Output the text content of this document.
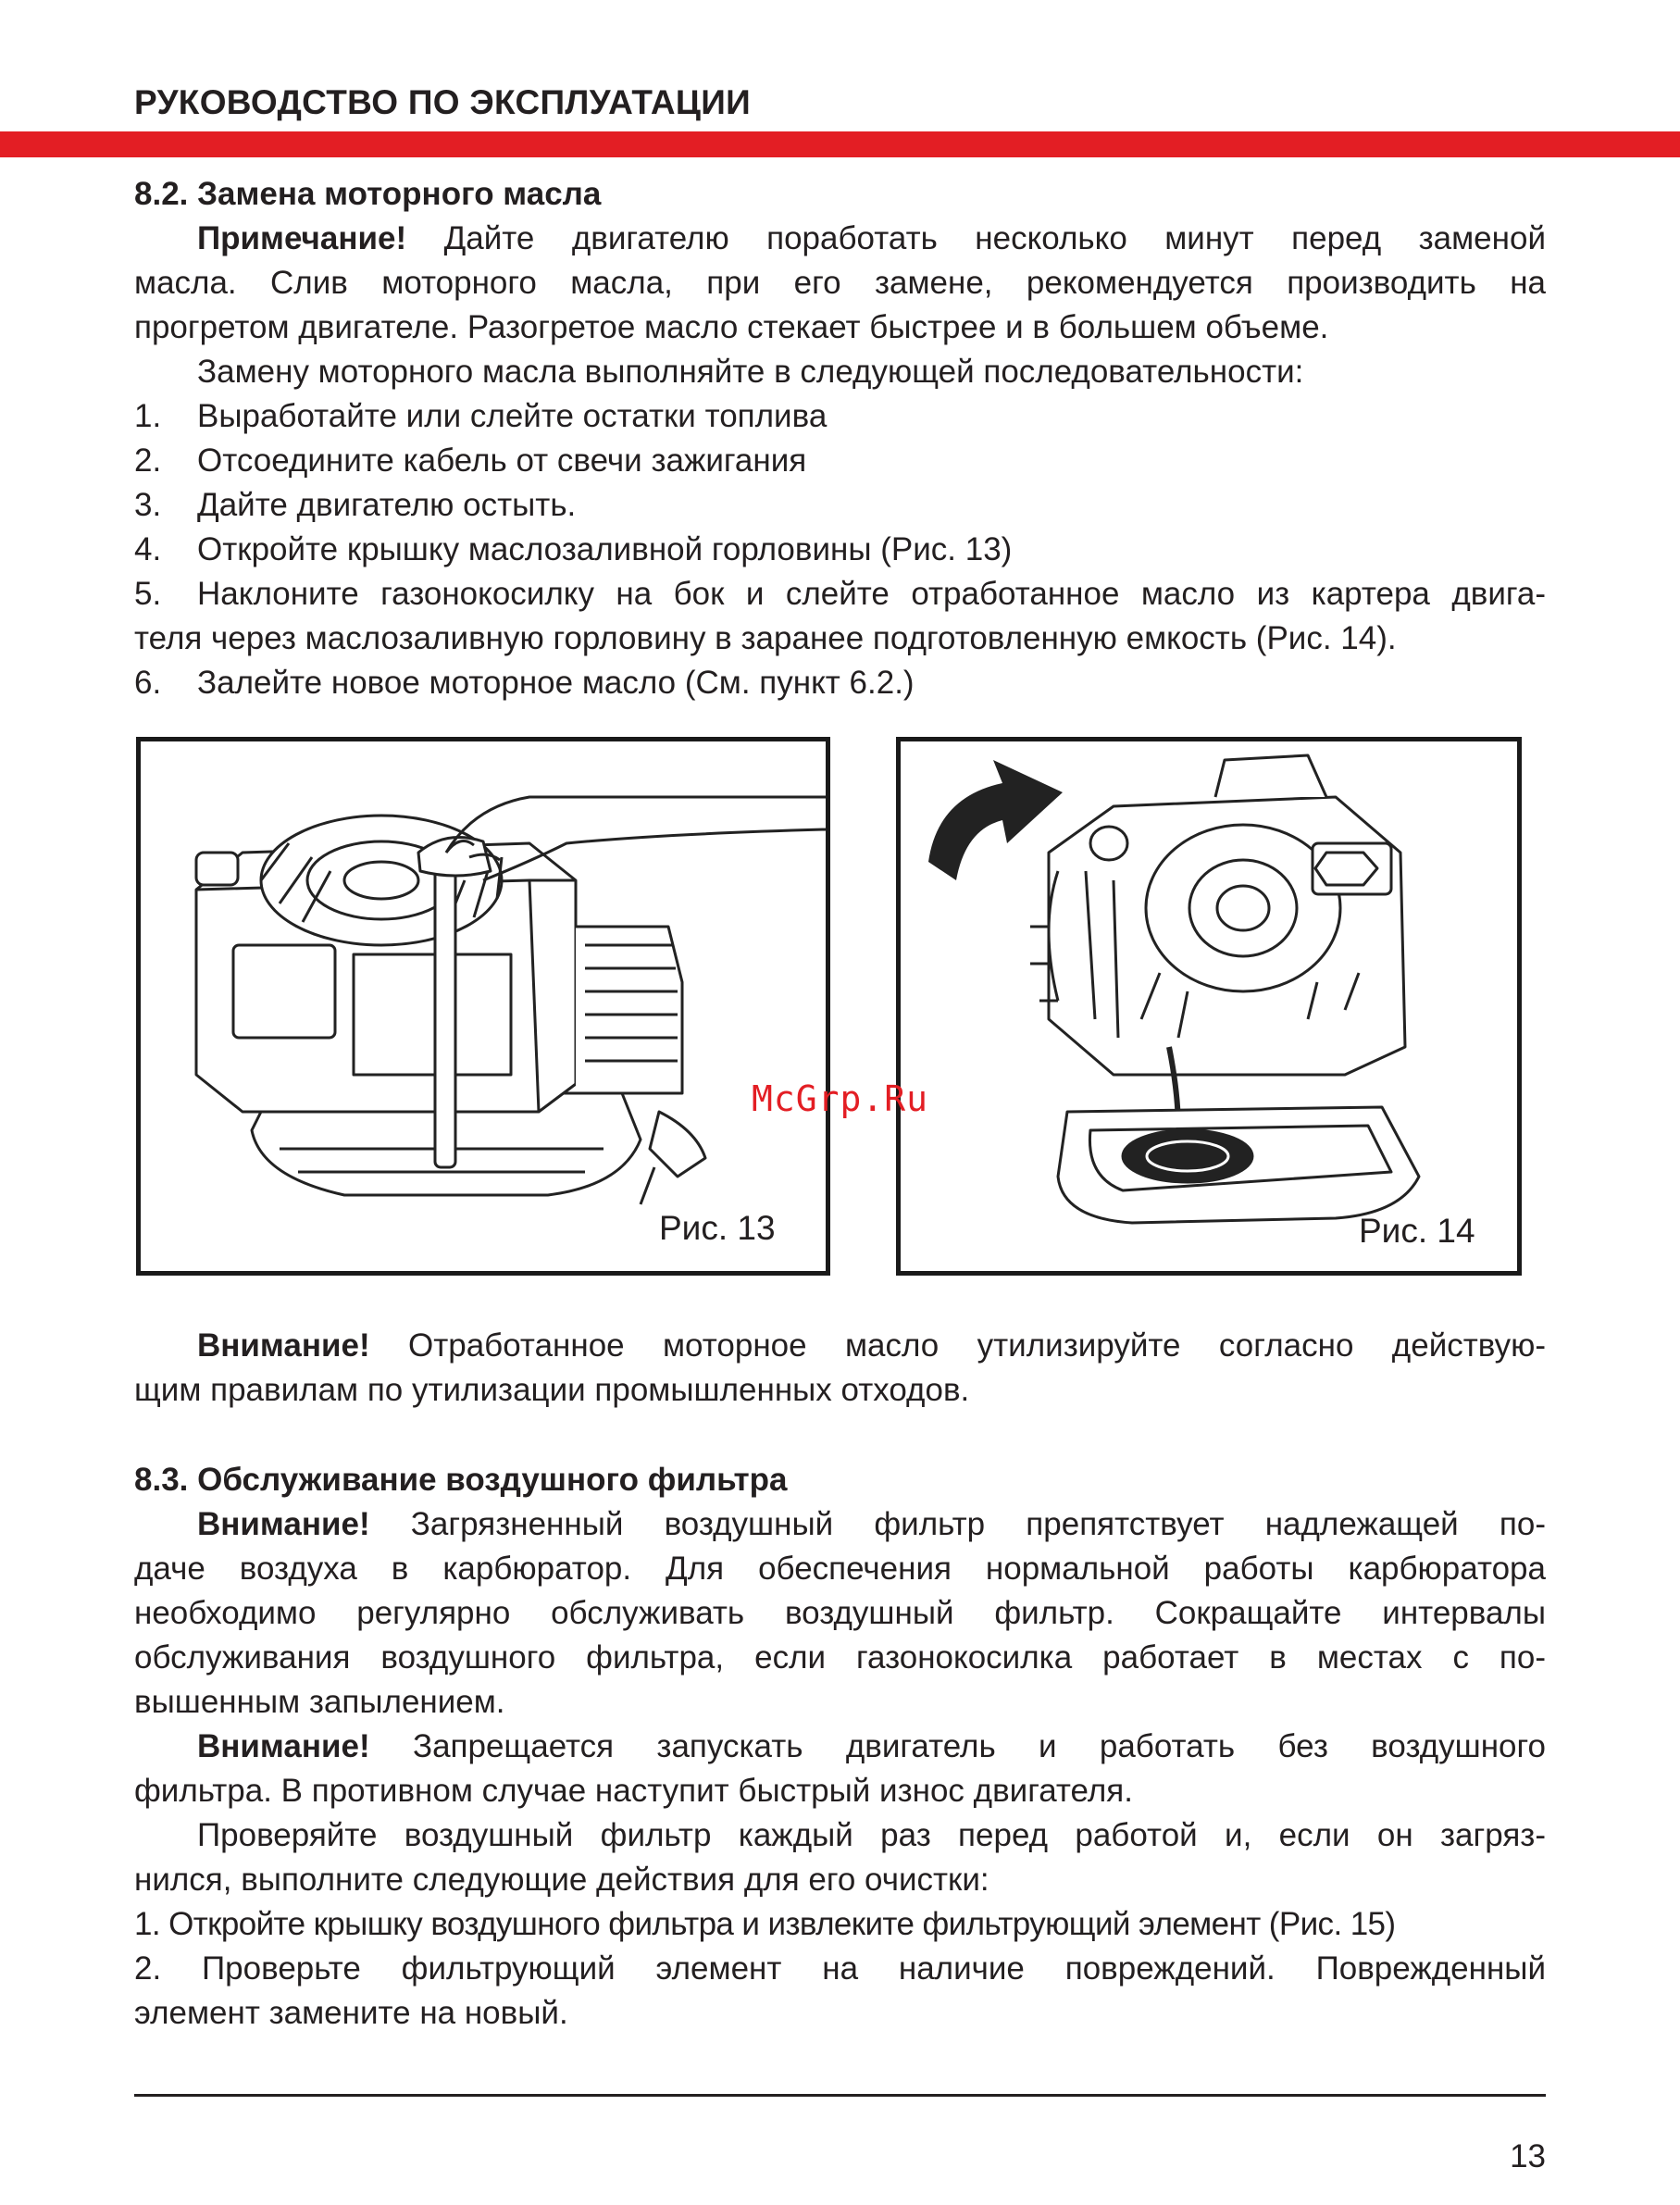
РУКОВОДСТВО ПО ЭКСПЛУАТАЦИИ
8.2. Замена моторного масла
Примечание! Дайте двигателю поработать несколько минут перед заменой
масла. Слив моторного масла, при его замене, рекомендуется производить на
прогретом двигателе. Разогретое масло стекает быстрее и в большем объеме.
Замену моторного масла выполняйте в следующей последовательности:
1. Выработайте или слейте остатки топлива
2. Отсоедините кабель от свечи зажигания
3. Дайте двигателю остыть.
4. Откройте крышку маслозаливной горловины (Рис. 13)
5. Наклоните газонокосилку на бок и слейте отработанное масло из картера двига-
теля через маслозаливную горловину в заранее подготовленную емкость (Рис. 14).
6. Залейте новое моторное масло (См. пункт 6.2.)
Рис. 13	Рис. 14
McGrp.Ru
Внимание! Отработанное моторное масло утилизируйте согласно действую-
щим правилам по утилизации промышленных отходов.
8.3. Обслуживание воздушного фильтра
Внимание! Загрязненный воздушный фильтр препятствует надлежащей по-
даче воздуха в карбюратор. Для обеспечения нормальной работы карбюратора
необходимо регулярно обслуживать воздушный фильтр. Сокращайте интервалы
обслуживания воздушного фильтра, если газонокосилка работает в местах с по-
вышенным запылением.
Внимание! Запрещается запускать двигатель и работать без воздушного
фильтра. В противном случае наступит быстрый износ двигателя.
Проверяйте воздушный фильтр каждый раз перед работой и, если он загряз-
нился, выполните следующие действия для его очистки:
1. Откройте крышку воздушного фильтра и извлеките фильтрующий элемент (Рис. 15)
2. Проверьте фильтрующий элемент на наличие повреждений. Поврежденный
элемент замените на новый.
13
